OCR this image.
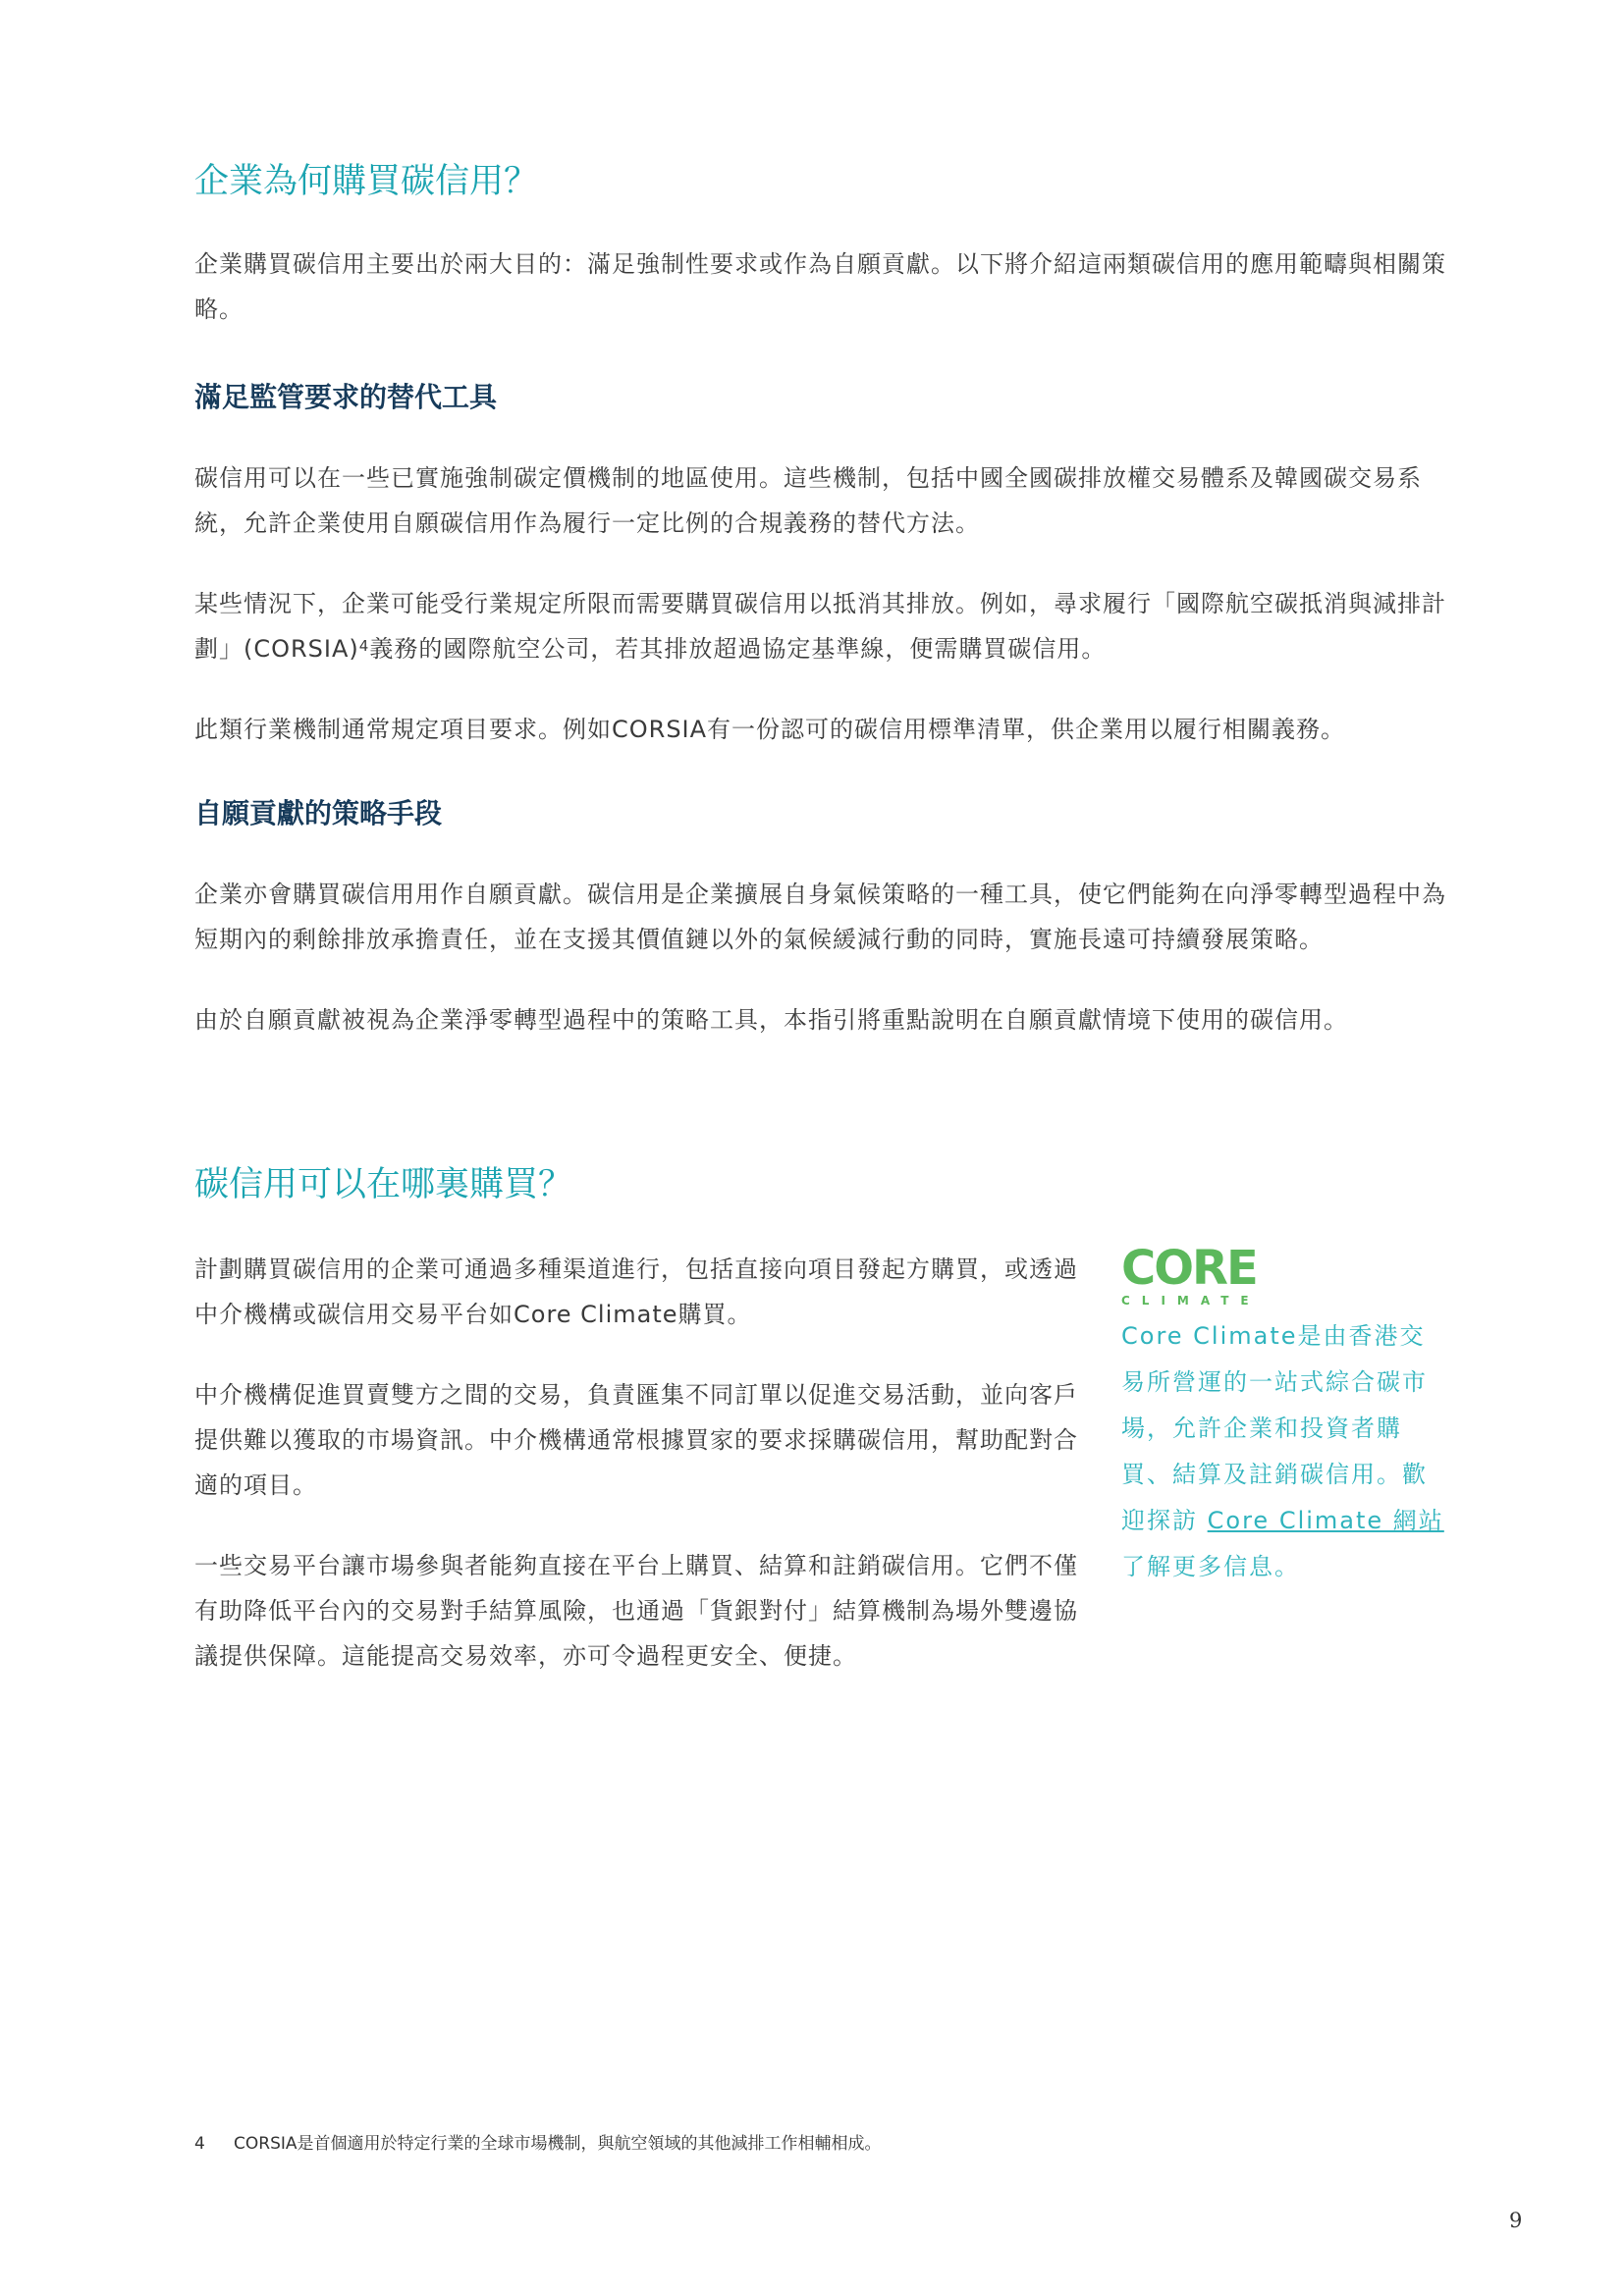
企業為何購買碳信用？

企業購買碳信用主要出於兩大目的：滿足強制性要求或作為自願貢獻。以下將介紹這兩類碳信用的應用範疇與相關策略。

滿足監管要求的替代工具

碳信用可以在一些已實施強制碳定價機制的地區使用。這些機制，包括中國全國碳排放權交易體系及韓國碳交易系統，允許企業使用自願碳信用作為履行一定比例的合規義務的替代方法。

某些情況下，企業可能受行業規定所限而需要購買碳信用以抵消其排放。例如，尋求履行「國際航空碳抵消與減排計劃」(CORSIA)$^4$義務的國際航空公司，若其排放超過協定基準線，便需購買碳信用。

此類行業機制通常規定項目要求。例如CORSIA有一份認可的碳信用標準清單，供企業用以履行相關義務。

自願貢獻的策略手段

企業亦會購買碳信用用作自願貢獻。碳信用是企業擴展自身氣候策略的一種工具，使它們能夠在向淨零轉型過程中為短期內的剩餘排放承擔責任，並在支援其價值鏈以外的氣候緩減行動的同時，實施長遠可持續發展策略。

由於自願貢獻被視為企業淨零轉型過程中的策略工具，本指引將重點說明在自願貢獻情境下使用的碳信用。

碳信用可以在哪裏購買？

計劃購買碳信用的企業可通過多種渠道進行，包括直接向項目發起方購買，或透過中介機構或碳信用交易平台如Core Climate購買。

中介機構促進買賣雙方之間的交易，負責匯集不同訂單以促進交易活動，並向客戶提供難以獲取的市場資訊。中介機構通常根據買家的要求採購碳信用，幫助配對合適的項目。

一些交易平台讓市場參與者能夠直接在平台上購買、結算和註銷碳信用。它們不僅有助降低平台內的交易對手結算風險，也通過「貨銀對付」結算機制為場外雙邊協議提供保障。這能提高交易效率，亦可令過程更安全、便捷。

CORE
CLIMATE

Core Climate是由香港交易所營運的一站式綜合碳市場，允許企業和投資者購買、結算及註銷碳信用。歡迎探訪 Core Climate 網站了解更多信息。

4 CORSIA是首個適用於特定行業的全球市場機制，與航空領域的其他減排工作相輔相成。

9
